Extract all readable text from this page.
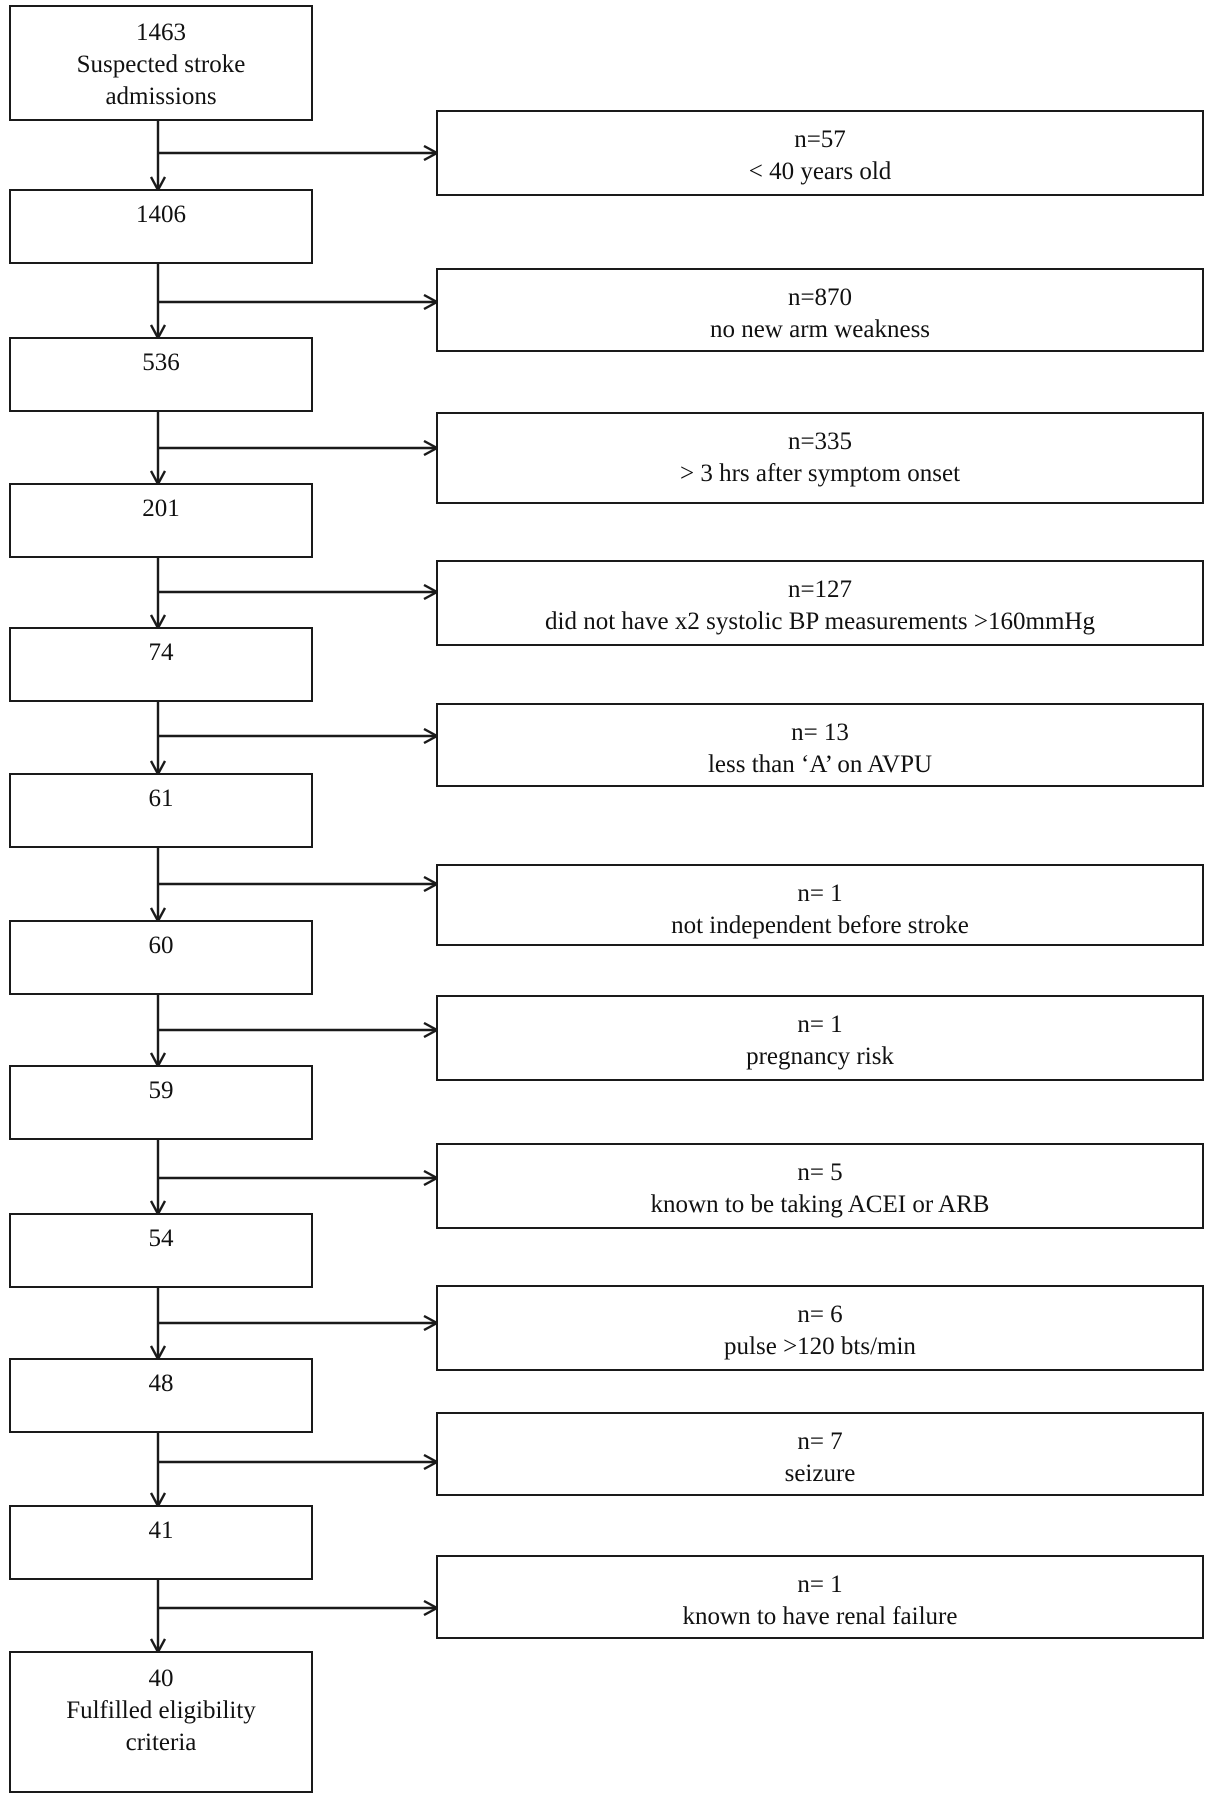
1463
Suspected stroke
admissions
1406
536
201
74
61
60
59
54
48
41
40
Fulfilled eligibility
criteria
n=57
< 40 years old
n=870
no new arm weakness
n=335
> 3 hrs after symptom onset
n=127
did not have x2 systolic BP measurements >160mmHg
n= 13
less than ‘A’ on AVPU
n= 1
not independent before stroke
n= 1
pregnancy risk
n= 5
known to be taking ACEI or ARB
n= 6
pulse >120 bts/min
n= 7
seizure
n= 1
known to have renal failure
